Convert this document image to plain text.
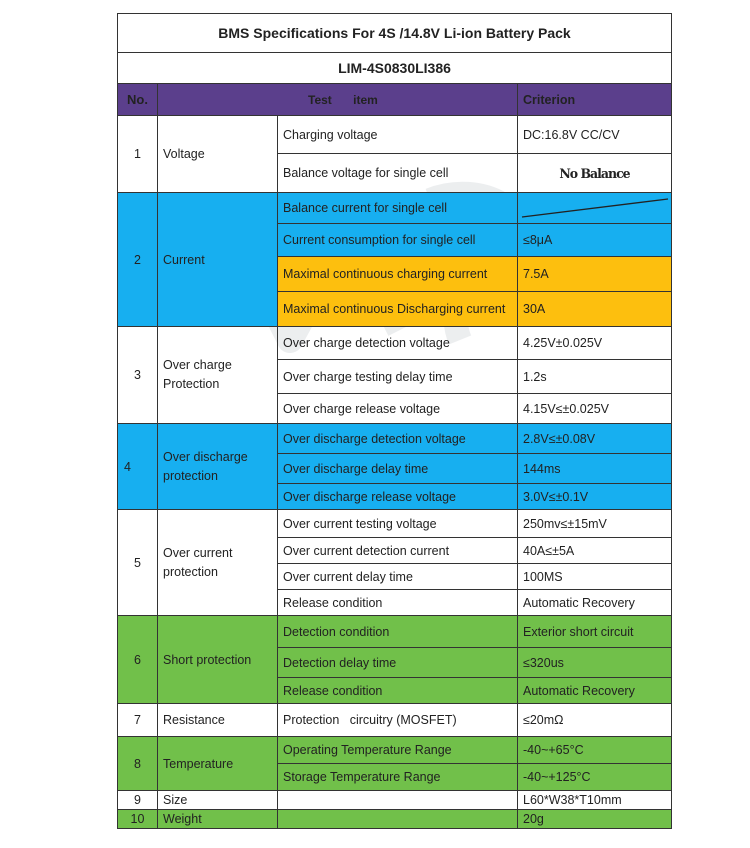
BMS Specifications For 4S /14.8V Li-ion Battery Pack			
LIM-4S0830LI386			
No.	Test item		Criterion
1	Voltage	Charging voltage	DC:16.8V CC/CV
		Balance voltage for single cell	No Balance
2	Current	Balance current for single cell	

		Current consumption for single cell	≤8μA
		Maximal continuous charging current	7.5A
		Maximal continuous Discharging current	30A
3	Over charge Protection	Over charge detection voltage	4.25V±0.025V
		Over charge testing delay time	1.2s
		Over charge release voltage	4.15V≤±0.025V
4	Over discharge protection	Over discharge detection voltage	2.8V≤±0.08V
		Over discharge delay time	144ms
		Over discharge release voltage	3.0V≤±0.1V
5	Over current protection	Over current testing voltage	250mv≤±15mV
		Over current detection current	40A≤±5A
		Over current delay time	100MS
		Release condition	Automatic Recovery
6	Short protection	Detection condition	Exterior short circuit
		Detection delay time	≤320us
		Release condition	Automatic Recovery
7	Resistance	Protection   circuitry (MOSFET)	≤20mΩ
8	Temperature	Operating Temperature Range	-40~+65°C
		Storage Temperature Range	-40~+125°C
9	Size		L60*W38*T10mm
10	Weight		20g
